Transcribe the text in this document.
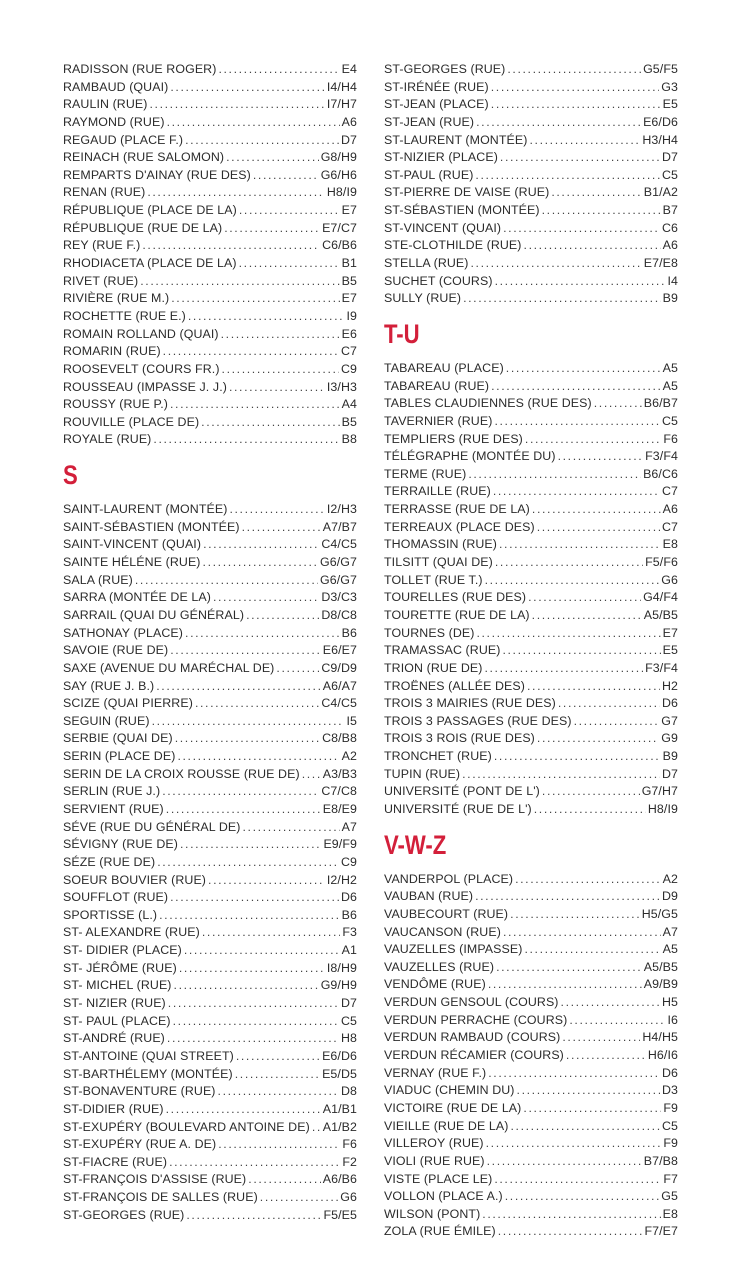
RADISSON (RUE ROGER) .....	E4
RAMBAUD (QUAI) .....	I4/H4
RAULIN (RUE) .....	I7/H7
RAYMOND (RUE) .....	A6
REGAUD (PLACE F.) .....	D7
REINACH (RUE SALOMON) .....	G8/H9
REMPARTS D'AINAY (RUE DES) .....	G6/H6
RENAN (RUE) .....	H8/I9
RÉPUBLIQUE (PLACE DE LA) .....	E7
RÉPUBLIQUE (RUE DE LA) .....	E7/C7
REY (RUE F.) .....	C6/B6
RHODIACETA (PLACE DE LA) .....	B1
RIVET (RUE) .....	B5
RIVIÈRE (RUE M.) .....	E7
ROCHETTE (RUE E.) .....	I9
ROMAIN ROLLAND (QUAI) .....	E6
ROMARIN (RUE) .....	C7
ROOSEVELT (COURS FR.) .....	C9
ROUSSEAU (IMPASSE J. J.) .....	I3/H3
ROUSSY (RUE P.) .....	A4
ROUVILLE (PLACE DE) .....	B5
ROYALE (RUE) .....	B8
S
SAINT-LAURENT (MONTÉE) .....	I2/H3
SAINT-SÉBASTIEN (MONTÉE) .....	A7/B7
SAINT-VINCENT (QUAI) .....	C4/C5
SAINTE HÉLÉNE (RUE) .....	G6/G7
SALA (RUE) .....	G6/G7
SARRA (MONTÉE DE LA) .....	D3/C3
SARRAIL (QUAI DU GÉNÉRAL) .....	D8/C8
SATHONAY (PLACE) .....	B6
SAVOIE (RUE DE) .....	E6/E7
SAXE (AVENUE DU MARÉCHAL DE) .....	C9/D9
SAY (RUE J. B.) .....	A6/A7
SCIZE (QUAI PIERRE) .....	C4/C5
SEGUIN (RUE) .....	I5
SERBIE (QUAI DE) .....	C8/B8
SERIN (PLACE DE) .....	A2
SERIN DE LA CROIX ROUSSE (RUE DE) ..... A3/B3
SERLIN (RUE J.) .....	C7/C8
SERVIENT (RUE) .....	E8/E9
SÉVE (RUE DU GÉNÉRAL DE) .....	A7
SÉVIGNY (RUE DE) .....	E9/F9
SÉZE (RUE DE) .....	C9
SOEUR BOUVIER (RUE) .....	I2/H2
SOUFFLOT (RUE) .....	D6
SPORTISSE (L.) .....	B6
ST- ALEXANDRE (RUE) .....	F3
ST- DIDIER (PLACE) .....	A1
ST- JÉRÔME (RUE) .....	I8/H9
ST- MICHEL (RUE) .....	G9/H9
ST- NIZIER (RUE) .....	D7
ST- PAUL (PLACE) .....	C5
ST-ANDRÉ (RUE) .....	H8
ST-ANTOINE (QUAI STREET) .....	E6/D6
ST-BARTHÉLEMY (MONTÉE) .....	E5/D5
ST-BONAVENTURE (RUE) .....	D8
ST-DIDIER (RUE) .....	A1/B1
ST-EXUPÉRY (BOULEVARD ANTOINE DE) ..... A1/B2
ST-EXUPÉRY (RUE A. DE) .....	F6
ST-FIACRE (RUE) .....	F2
ST-FRANÇOIS D'ASSISE (RUE) .....	A6/B6
ST-FRANÇOIS DE SALLES (RUE) .....	G6
ST-GEORGES (RUE) .....	F5/E5
ST-GEORGES (RUE) .....	G5/F5
ST-IRÉNÉE (RUE) .....	G3
ST-JEAN (PLACE) .....	E5
ST-JEAN (RUE) .....	E6/D6
ST-LAURENT (MONTÉE) .....	H3/H4
ST-NIZIER (PLACE) .....	D7
ST-PAUL (RUE) .....	C5
ST-PIERRE DE VAISE (RUE) .....	B1/A2
ST-SÉBASTIEN (MONTÉE) .....	B7
ST-VINCENT (QUAI) .....	C6
STE-CLOTHILDE (RUE) .....	A6
STELLA (RUE) .....	E7/E8
SUCHET (COURS) .....	I4
SULLY (RUE) .....	B9
T-U
TABAREAU (PLACE) .....	A5
TABAREAU (RUE) .....	A5
TABLES CLAUDIENNES (RUE DES) .....	B6/B7
TAVERNIER (RUE) .....	C5
TEMPLIERS (RUE DES) .....	F6
TÉLÉGRAPHE (MONTÉE DU) .....	F3/F4
TERME (RUE) .....	B6/C6
TERRAILLE (RUE) .....	C7
TERRASSE (RUE DE LA) .....	A6
TERREAUX (PLACE DES) .....	C7
THOMASSIN (RUE) .....	E8
TILSITT (QUAI DE) .....	F5/F6
TOLLET (RUE T.) .....	G6
TOURELLES (RUE DES) .....	G4/F4
TOURETTE (RUE DE LA) .....	A5/B5
TOURNES (DE) .....	E7
TRAMASSAC (RUE) .....	E5
TRION (RUE DE) .....	F3/F4
TROËNES (ALLÉE DES) .....	H2
TROIS 3 MAIRIES (RUE DES) .....	D6
TROIS 3 PASSAGES (RUE DES) .....	G7
TROIS 3 ROIS (RUE DES) .....	G9
TRONCHET (RUE) .....	B9
TUPIN (RUE) .....	D7
UNIVERSITÉ (PONT DE L') .....	G7/H7
UNIVERSITÉ (RUE DE L') .....	H8/I9
V-W-Z
VANDERPOL (PLACE) .....	A2
VAUBAN (RUE) .....	D9
VAUBECOURT (RUE) .....	H5/G5
VAUCANSON (RUE) .....	A7
VAUZELLES (IMPASSE) .....	A5
VAUZELLES (RUE) .....	A5/B5
VENDÔME (RUE) .....	A9/B9
VERDUN GENSOUL (COURS) .....	H5
VERDUN PERRACHE (COURS) .....	I6
VERDUN RAMBAUD (COURS) .....	H4/H5
VERDUN RÉCAMIER (COURS) .....	H6/I6
VERNAY (RUE F.) .....	D6
VIADUC (CHEMIN DU) .....	D3
VICTOIRE (RUE DE LA) .....	F9
VIEILLE (RUE DE LA) .....	C5
VILLEROY (RUE) .....	F9
VIOLI (RUE RUE) .....	B7/B8
VISTE (PLACE LE) .....	F7
VOLLON (PLACE A.) .....	G5
WILSON (PONT) .....	E8
ZOLA (RUE ÉMILE) .....	F7/E7
